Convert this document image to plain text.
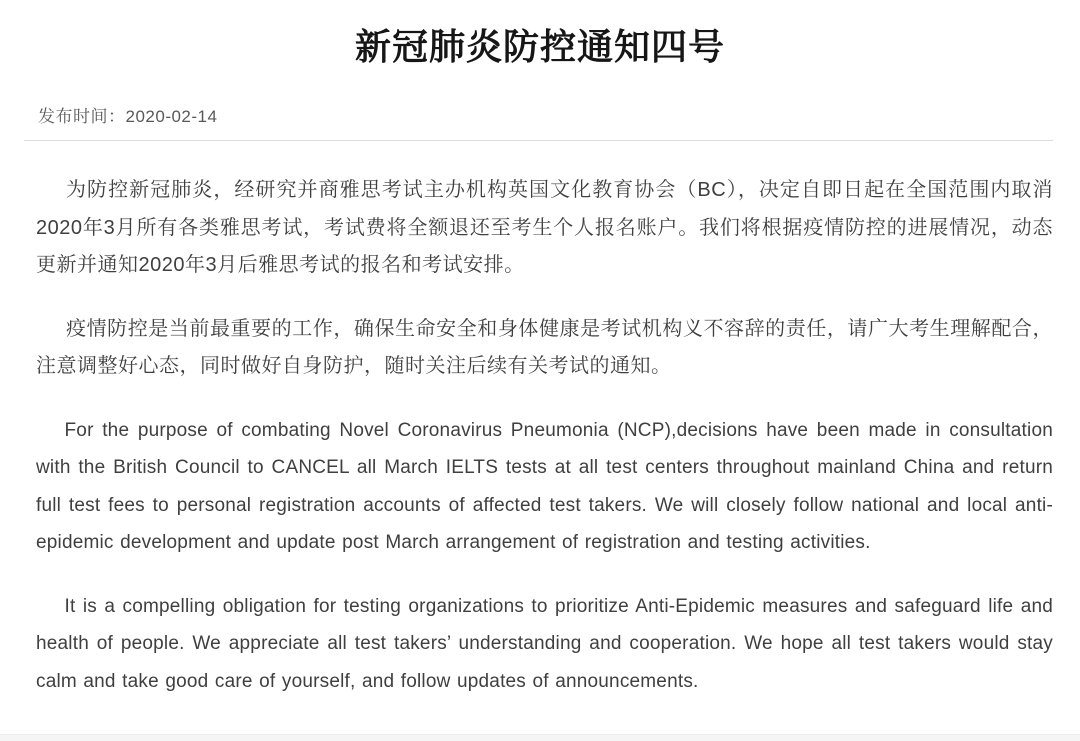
新冠肺炎防控通知四号
发布时间：2020-02-14

为防控新冠肺炎，经研究并商雅思考试主办机构英国文化教育协会（BC），决定自即日起在全国范围内取消2020年3月所有各类雅思考试，考试费将全额退还至考生个人报名账户。我们将根据疫情防控的进展情况，动态更新并通知2020年3月后雅思考试的报名和考试安排。

疫情防控是当前最重要的工作，确保生命安全和身体健康是考试机构义不容辞的责任，请广大考生理解配合，注意调整好心态，同时做好自身防护，随时关注后续有关考试的通知。

For the purpose of combating Novel Coronavirus Pneumonia (NCP),decisions have been made in consultation with the British Council to CANCEL all March IELTS tests at all test centers throughout mainland China and return full test fees to personal registration accounts of affected test takers. We will closely follow national and local anti-epidemic development and update post March arrangement of registration and testing activities.

It is a compelling obligation for testing organizations to prioritize Anti-Epidemic measures and safeguard life and health of people. We appreciate all test takers’ understanding and cooperation. We hope all test takers would stay calm and take good care of yourself, and follow updates of announcements.
